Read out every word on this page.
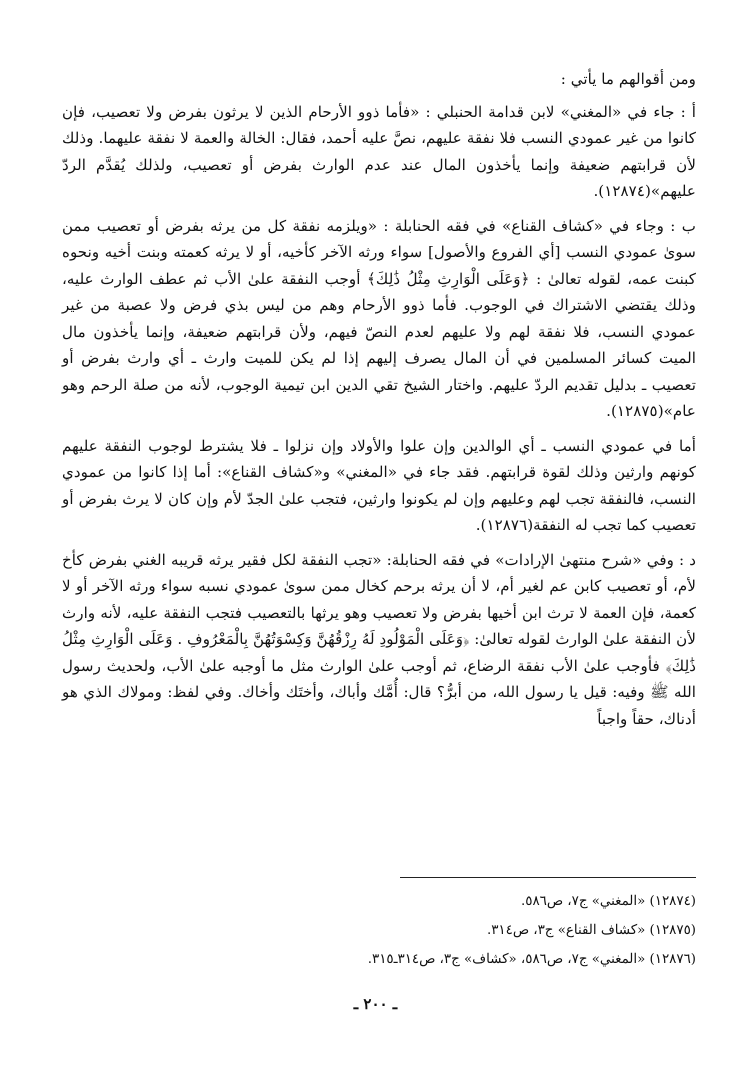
ومن أقوالهم ما يأتي :

أ : جاء في «المغني» لابن قدامة الحنبلي : «فأما ذوو الأرحام الذين لا يرثون بفرض ولا تعصيب، فإن كانوا من غير عمودي النسب فلا نفقة عليهم، نصَّ عليه أحمد، فقال: الخالة والعمة لا نفقة عليهما. وذلك لأن قرابتهم ضعيفة وإنما يأخذون المال عند عدم الوارث بفرض أو تعصيب، ولذلك يُقدَّم الردّ عليهم»(١٢٨٧٤).

ب : وجاء في «كشاف القناع» في فقه الحنابلة : «ويلزمه نفقة كل من يرثه بفرض أو تعصيب ممن سوىٰ عمودي النسب [أي الفروع والأصول] سواء ورثه الآخر كأخيه، أو لا يرثه كعمته وبنت أخيه ونحوه كبنت عمه، لقوله تعالىٰ : ﴿وَعَلَى الْوَارِثِ مِثْلُ ذَٰلِكَ﴾ أوجب النفقة علىٰ الأب ثم عطف الوارث عليه، وذلك يقتضي الاشتراك في الوجوب. فأما ذوو الأرحام وهم من ليس بذي فرض ولا عصبة من غير عمودي النسب، فلا نفقة لهم ولا عليهم لعدم النصّ فيهم، ولأن قرابتهم ضعيفة، وإنما يأخذون مال الميت كسائر المسلمين في أن المال يصرف إليهم إذا لم يكن للميت وارث ـ أي وارث بفرض أو تعصيب ـ بدليل تقديم الردّ عليهم. واختار الشيخ تقي الدين ابن تيمية الوجوب، لأنه من صلة الرحم وهو عام»(١٢٨٧٥).

أما في عمودي النسب ـ أي الوالدين وإن علوا والأولاد وإن نزلوا ـ فلا يشترط لوجوب النفقة عليهم كونهم وارثين وذلك لقوة قرابتهم. فقد جاء في «المغني» و«كشاف القناع»: أما إذا كانوا من عمودي النسب، فالنفقة تجب لهم وعليهم وإن لم يكونوا وارثين، فتجب علىٰ الجدّ لأم وإن كان لا يرث بفرض أو تعصيب كما تجب له النفقة(١٢٨٧٦).

د : وفي «شرح منتهىٰ الإرادات» في فقه الحنابلة: «تجب النفقة لكل فقير يرثه قريبه الغني بفرض كأخ لأم، أو تعصيب كابن عم لغير أم، لا أن يرثه برحم كخال ممن سوىٰ عمودي نسبه سواء ورثه الآخر أو لا كعمة، فإن العمة لا ترث ابن أخيها بفرض ولا تعصيب وهو يرثها بالتعصيب فتجب النفقة عليه، لأنه وارث لأن النفقة علىٰ الوارث لقوله تعالىٰ: ﴿وَعَلَى الْمَوْلُودِ لَهُ رِزْقُهُنَّ وَكِسْوَتُهُنَّ بِالْمَعْرُوفِ . وَعَلَى الْوَارِثِ مِثْلُ ذَٰلِكَ﴾ فأوجب علىٰ الأب نفقة الرضاع، ثم أوجب علىٰ الوارث مثل ما أوجبه علىٰ الأب، ولحديث رسول الله ﷺ وفيه: قيل يا رسول الله، من أبرُّ؟ قال: أُمَّك وأباك، وأختَك وأخاك. وفي لفظ: ومولاك الذي هو أدناك، حقاً واجباً

(١٢٨٧٤) «المغني» ج٧، ص٥٨٦.
(١٢٨٧٥) «كشاف القناع» ج٣، ص٣١٤.
(١٢٨٧٦) «المغني» ج٧، ص٥٨٦، «كشاف» ج٣، ص٣١٤ـ٣١٥.
ـ ٢٠٠ ـ
